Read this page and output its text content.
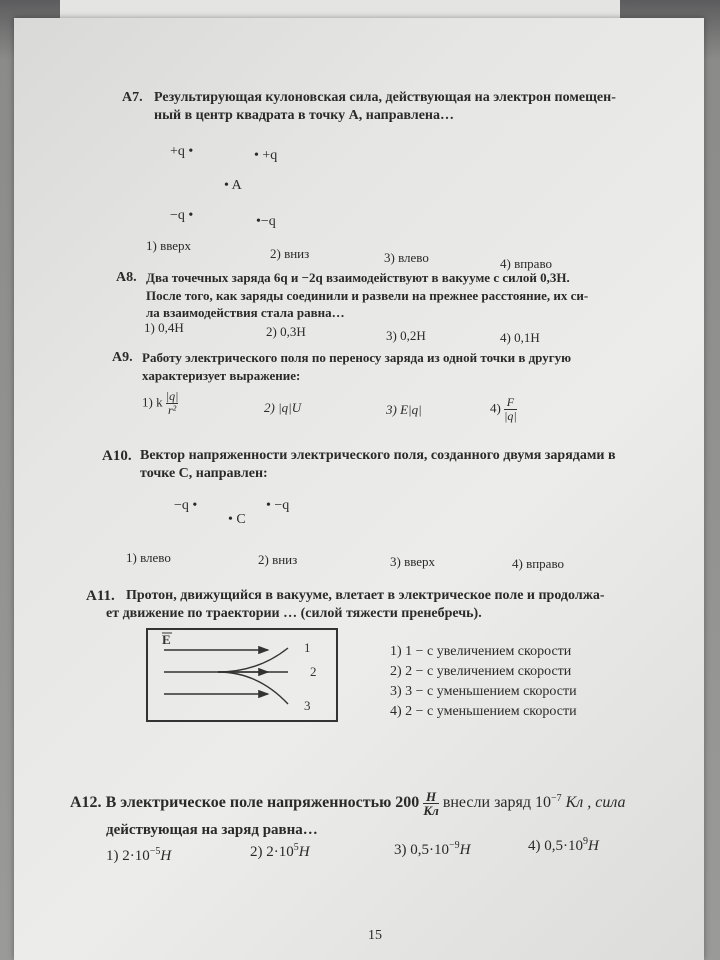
A7. Результирующая кулоновская сила, действующая на электрон помещен-
ный в центр квадрата в точку А, направлена…
+q •	• +q
• A
−q •	•−q
1) вверх
2) вниз	3) влево	4) вправо
A8. Два точечных заряда 6q и −2q взаимодействуют в вакууме с силой 0,3Н.
После того, как заряды соединили и развели на прежнее расстояние, их си-
ла взаимодействия стала равна…
1) 0,4Н	2) 0,3Н	3) 0,2Н	4) 0,1Н
A9. Работу электрического поля по переносу заряда из одной точки в другую
характеризует выражение:
1) k $\frac{|q|}{\text{r²}}$	2) |q|U	3) E|q|	$4) \frac{F}{|q|}$
A10. Вектор напряженности электрического поля, созданного двумя зарядами в
точке С, направлен:
−q •	• −q
• C
1) влево	2) вниз	3) вверх	4) вправо
A11. Протон, движущийся в вакууме, влетает в электрическое поле и продолжа-
ет движение по траектории … (силой тяжести пренебречь).
E
1
2
3
1) 1 − с увеличением скорости
2) 2 − с увеличением скорости
3) 3 − с уменьшением скорости
4) 2 − с уменьшением скорости
A12. В электрическое поле напряженностью $200 \frac{Н}{Кл}$ внесли заряд $10^{-7}$ Кл , сила
действующая на заряд равна…
1) $2\cdot 10^{-5}Н$	2) $2\cdot 10^5Н$	3) $0,5\cdot 10^{-9}Н$	4) $0,5\cdot 10^9Н$
15
